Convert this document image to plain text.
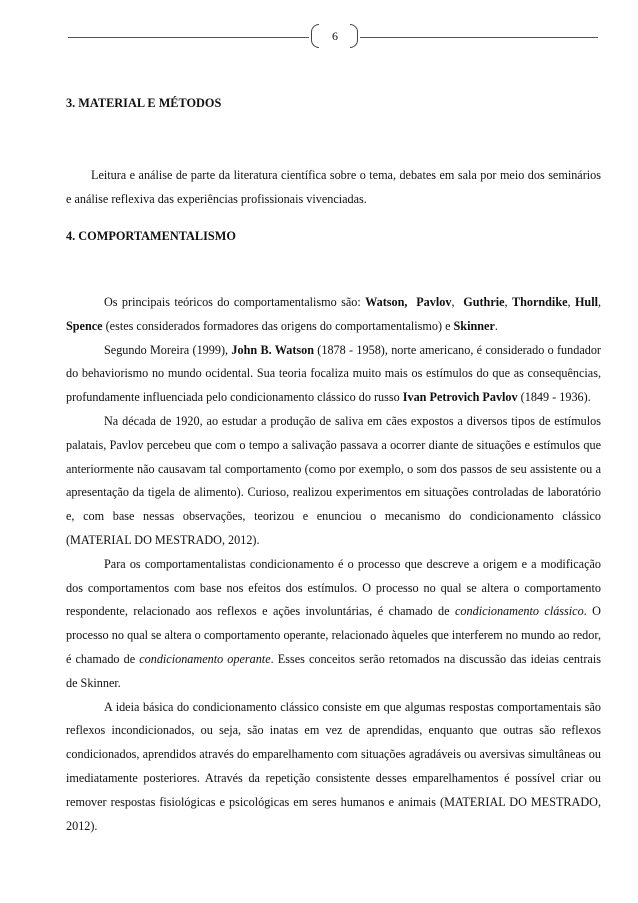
6
3. MATERIAL E MÉTODOS

Leitura e análise de parte da literatura científica sobre o tema, debates em sala por meio dos seminários e análise reflexiva das experiências profissionais vivenciadas.

4. COMPORTAMENTALISMO

Os principais teóricos do comportamentalismo são: Watson, Pavlov,  Guthrie, Thorndike, Hull, Spence (estes considerados formadores das origens do comportamentalismo) e Skinner.

Segundo Moreira (1999), John B. Watson (1878 - 1958), norte americano, é considerado o fundador do behaviorismo no mundo ocidental. Sua teoria focaliza muito mais os estímulos do que as consequências, profundamente influenciada pelo condicionamento clássico do russo Ivan Petrovich Pavlov (1849 - 1936).

Na década de 1920, ao estudar a produção de saliva em cães expostos a diversos tipos de estímulos palatais, Pavlov percebeu que com o tempo a salivação passava a ocorrer diante de situações e estímulos que anteriormente não causavam tal comportamento (como por exemplo, o som dos passos de seu assistente ou a apresentação da tigela de alimento). Curioso, realizou experimentos em situações controladas de laboratório e, com base nessas observações, teorizou e enunciou o mecanismo do condicionamento clássico (MATERIAL DO MESTRADO, 2012).

Para os comportamentalistas condicionamento é o processo que descreve a origem e a modificação dos comportamentos com base nos efeitos dos estímulos. O processo no qual se altera o comportamento respondente, relacionado aos reflexos e ações involuntárias, é chamado de condicionamento clássico. O processo no qual se altera o comportamento operante, relacionado àqueles que interferem no mundo ao redor, é chamado de condicionamento operante. Esses conceitos serão retomados na discussão das ideias centrais de Skinner.

A ideia básica do condicionamento clássico consiste em que algumas respostas comportamentais são reflexos incondicionados, ou seja, são inatas em vez de aprendidas, enquanto que outras são reflexos condicionados, aprendidos através do emparelhamento com situações agradáveis ou aversivas simultâneas ou imediatamente posteriores. Através da repetição consistente desses emparelhamentos é possível criar ou remover respostas fisiológicas e psicológicas em seres humanos e animais (MATERIAL DO MESTRADO, 2012).
